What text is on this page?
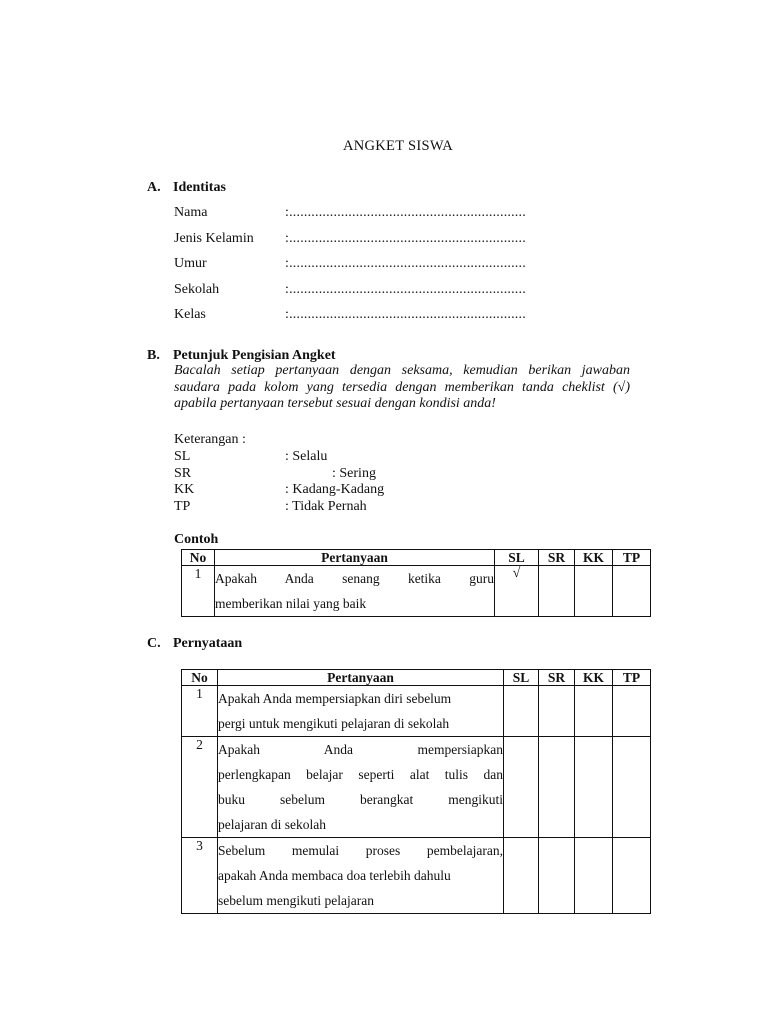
ANGKET SISWA
A. Identitas
Nama	:................................................................
Jenis Kelamin :................................................................
Umur	:................................................................
Sekolah	:................................................................
Kelas	:................................................................
B. Petunjuk Pengisian Angket
Bacalah setiap pertanyaan dengan seksama, kemudian berikan jawaban
saudara pada kolom yang tersedia dengan memberikan tanda cheklist (√)
apabila pertanyaan tersebut sesuai dengan kondisi anda!
Keterangan :
SL	: Selalu
SR	: Sering
KK	: Kadang-Kadang
TP	: Tidak Pernah
Contoh
No	Pertanyaan	SL	SR	KK	TP
1	Apakah Anda senang ketika guru
memberikan nilai yang baik	√			
C. Pernyataan
No	Pertanyaan	SL	SR	KK	TP
1	Apakah Anda mempersiapkan diri sebelum
pergi untuk mengikuti pelajaran di sekolah				

2	Apakah Anda mempersiapkan
perlengkapan belajar seperti alat tulis dan
buku sebelum berangkat mengikuti
pelajaran di sekolah				

3	Sebelum memulai proses pembelajaran,
apakah Anda membaca doa terlebih dahulu
sebelum mengikuti pelajaran				
